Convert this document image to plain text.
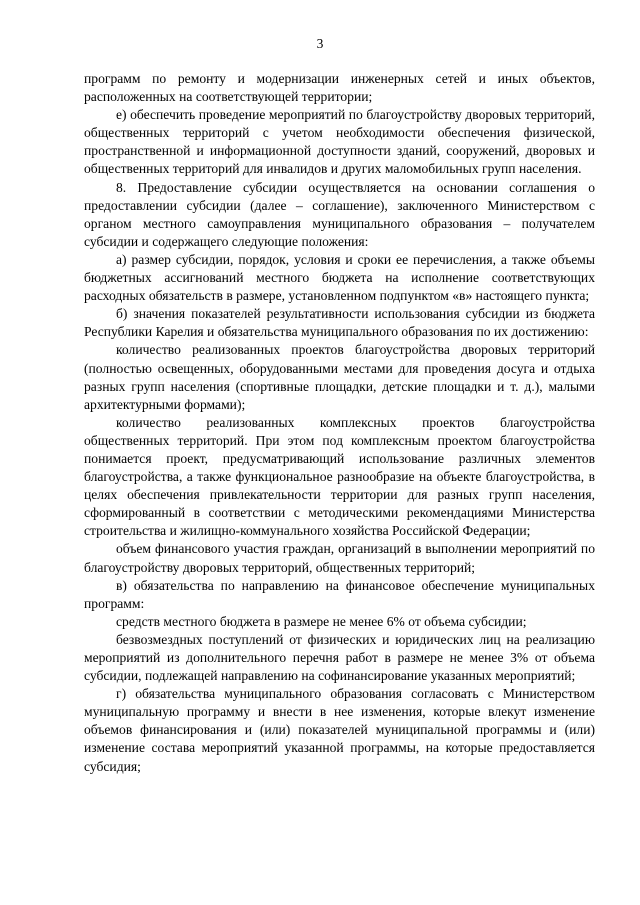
3

программ по ремонту и модернизации инженерных сетей и иных объектов, расположенных на соответствующей территории;

е) обеспечить проведение мероприятий по благоустройству дворовых территорий, общественных территорий с учетом необходимости обеспечения физической, пространственной и информационной доступности зданий, сооружений, дворовых и общественных территорий для инвалидов и других маломобильных групп населения.

8. Предоставление субсидии осуществляется на основании соглашения о предоставлении субсидии (далее – соглашение), заключенного Министерством с органом местного самоуправления муниципального образования – получателем субсидии и содержащего следующие положения:

а) размер субсидии, порядок, условия и сроки ее перечисления, а также объемы бюджетных ассигнований местного бюджета на исполнение соответствующих расходных обязательств в размере, установленном подпунктом «в» настоящего пункта;

б) значения показателей результативности использования субсидии из бюджета Республики Карелия и обязательства муниципального образования по их достижению:

количество реализованных проектов благоустройства дворовых территорий (полностью освещенных, оборудованными местами для проведения досуга и отдыха разных групп населения (спортивные площадки, детские площадки и т. д.), малыми архитектурными формами);

количество реализованных комплексных проектов благоустройства общественных территорий. При этом под комплексным проектом благоустройства понимается проект, предусматривающий использование различных элементов благоустройства, а также функциональное разнообразие на объекте благоустройства, в целях обеспечения привлекательности территории для разных групп населения, сформированный в соответствии с методическими рекомендациями Министерства строительства и жилищно-коммунального хозяйства Российской Федерации;

объем финансового участия граждан, организаций в выполнении мероприятий по благоустройству дворовых территорий, общественных территорий;

в) обязательства по направлению на финансовое обеспечение муниципальных программ:

средств местного бюджета в размере не менее 6% от объема субсидии;

безвозмездных поступлений от физических и юридических лиц на реализацию мероприятий из дополнительного перечня работ в размере не менее 3% от объема субсидии, подлежащей направлению на софинансирование указанных мероприятий;

г) обязательства муниципального образования согласовать с Министерством муниципальную программу и внести в нее изменения, которые влекут изменение объемов финансирования и (или) показателей муниципальной программы и (или) изменение состава мероприятий указанной программы, на которые предоставляется субсидия;
